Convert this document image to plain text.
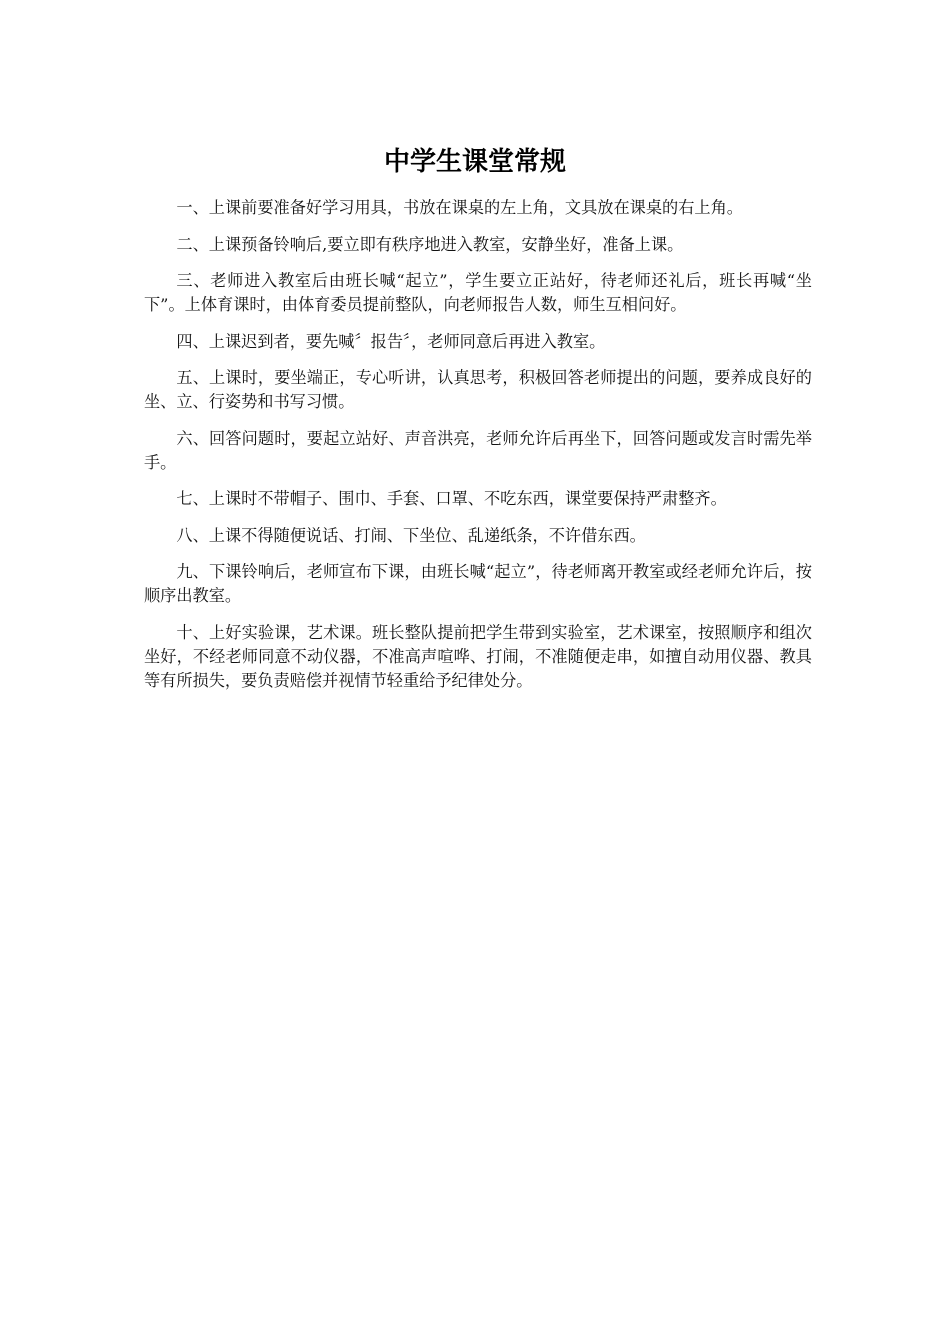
中学生课堂常规

一、上课前要准备好学习用具，书放在课桌的左上角，文具放在课桌的右上角。

二、上课预备铃响后,要立即有秩序地进入教室，安静坐好，准备上课。

三、老师进入教室后由班长喊“起立”，学生要立正站好，待老师还礼后，班长再喊“坐下”。上体育课时，由体育委员提前整队，向老师报告人数，师生互相问好。

四、上课迟到者，要先喊〞报告〞，老师同意后再进入教室。

五、上课时，要坐端正，专心听讲，认真思考，积极回答老师提出的问题，要养成良好的坐、立、行姿势和书写习惯。

六、回答问题时，要起立站好、声音洪亮，老师允许后再坐下，回答问题或发言时需先举手。

七、上课时不带帽子、围巾、手套、口罩、不吃东西，课堂要保持严肃整齐。

八、上课不得随便说话、打闹、下坐位、乱递纸条，不许借东西。

九、下课铃响后，老师宣布下课，由班长喊“起立”，待老师离开教室或经老师允许后，按顺序出教室。

十、上好实验课，艺术课。班长整队提前把学生带到实验室，艺术课室，按照顺序和组次坐好，不经老师同意不动仪器，不准高声喧哗、打闹，不准随便走串，如擅自动用仪器、教具等有所损失，要负责赔偿并视情节轻重给予纪律处分。
